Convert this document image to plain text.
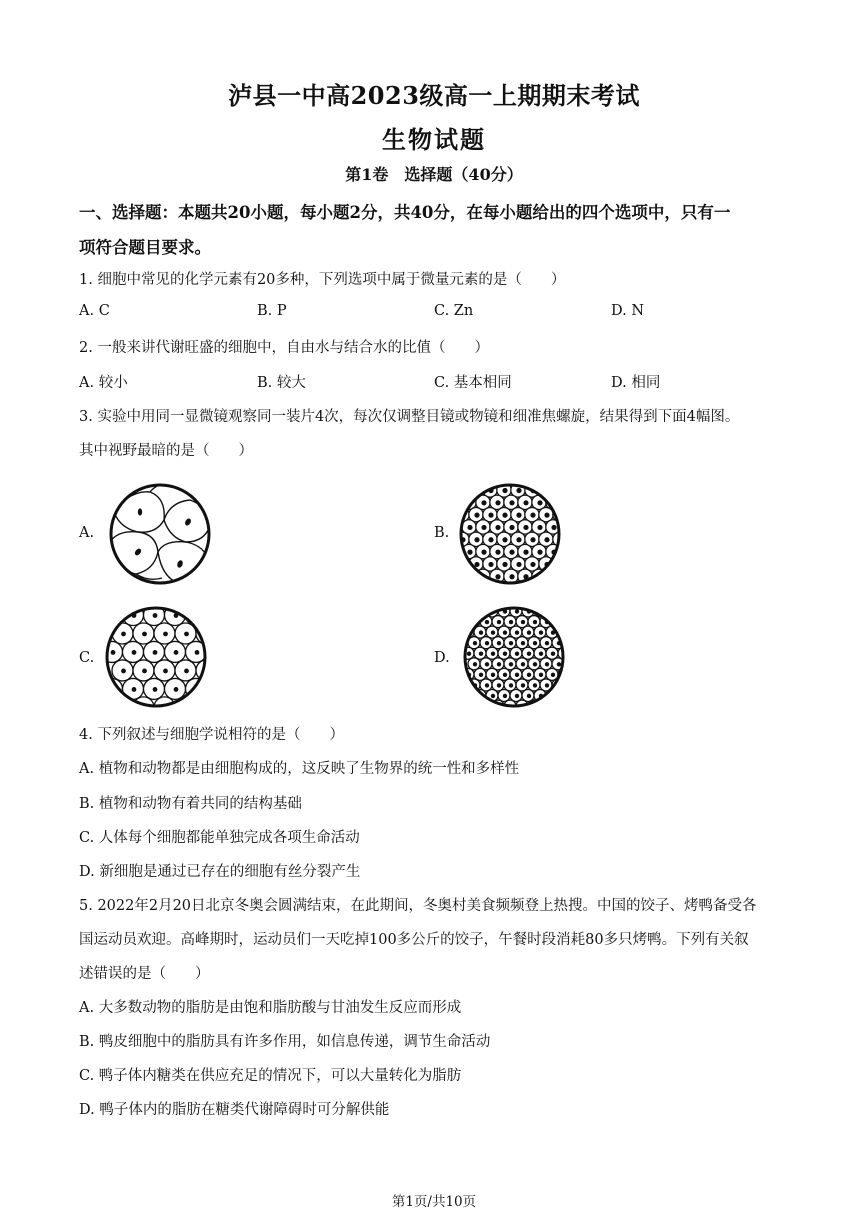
泸县一中高2023级高一上期期末考试
生物试题
第1卷　选择题（40分）
一、选择题：本题共20小题，每小题2分，共40分，在每小题给出的四个选项中，只有一
项符合题目要求。
1. 细胞中常见的化学元素有20多种，下列选项中属于微量元素的是（　　）
A. C	B. P	C. Zn	D. N
2. 一般来讲代谢旺盛的细胞中，自由水与结合水的比值（　　）
A. 较小	B. 较大	C. 基本相同	D. 相同
3. 实验中用同一显微镜观察同一装片4次，每次仅调整目镜或物镜和细准焦螺旋，结果得到下面4幅图。
其中视野最暗的是（　　）
A.	B.
C.	D.
4. 下列叙述与细胞学说相符的是（　　）
A. 植物和动物都是由细胞构成的，这反映了生物界的统一性和多样性
B. 植物和动物有着共同的结构基础
C. 人体每个细胞都能单独完成各项生命活动
D. 新细胞是通过已存在的细胞有丝分裂产生
5. 2022年2月20日北京冬奥会圆满结束，在此期间，冬奥村美食频频登上热搜。中国的饺子、烤鸭备受各
国运动员欢迎。高峰期时，运动员们一天吃掉100多公斤的饺子，午餐时段消耗80多只烤鸭。下列有关叙
述错误的是（　　）
A. 大多数动物的脂肪是由饱和脂肪酸与甘油发生反应而形成
B. 鸭皮细胞中的脂肪具有许多作用，如信息传递，调节生命活动
C. 鸭子体内糖类在供应充足的情况下，可以大量转化为脂肪
D. 鸭子体内的脂肪在糖类代谢障碍时可分解供能
第1页/共10页
